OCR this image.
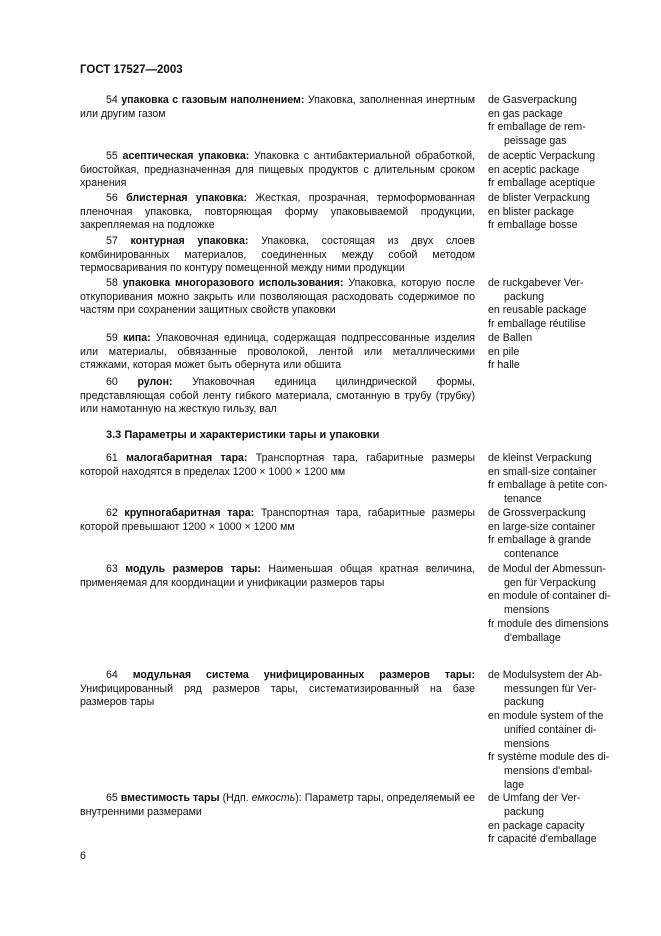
ГОСТ 17527—2003
54 упаковка с газовым наполнением: Упаковка, заполненная инертным или другим газом
de Gasverpackung
en gas package
fr emballage de rem-
peissage gas
55 асептическая упаковка: Упаковка с антибактериальной обработкой, биостойкая, предназначенная для пищевых продуктов с длительным сроком хранения
de aceptic Verpackung
en aceptic package
fr emballage aceptique
56 блистерная упаковка: Жесткая, прозрачная, термоформованная пленочная упаковка, повторяющая форму упаковываемой продукции, закрепляемая на подложке
de blister Verpackung
en blister package
fr emballage bosse
57 контурная упаковка: Упаковка, состоящая из двух слоев комбинированных материалов, соединенных между собой методом термосваривания по контуру помещенной между ними продукции
58 упаковка многоразового использования: Упаковка, которую после откупоривания можно закрыть или позволяющая расходовать содержимое по частям при сохранении защитных свойств упаковки
de ruckgabever Ver-
packung
en reusable package
fr emballage réutilise
59 кипа: Упаковочная единица, содержащая подпрессованные изделия или материалы, обвязанные проволокой, лентой или металлическими стяжками, которая может быть обернута или обшита
de Ballen
en pile
fr halle
60 рулон: Упаковочная единица цилиндрической формы, представляющая собой ленту гибкого материала, смотанную в трубу (трубку) или намотанную на жесткую гильзу, вал
3.3 Параметры и характеристики тары и упаковки
61 малогабаритная тара: Транспортная тара, габаритные размеры которой находятся в пределах 1200 × 1000 × 1200 мм
de kleinst Verpackung
en small-size container
fr emballage à petite con-
tenance
62 крупногабаритная тара: Транспортная тара, габаритные размеры которой превышают 1200 × 1000 × 1200 мм
de Grossverpackung
en large-size container
fr emballage à grande
contenance
63 модуль размеров тары: Наименьшая общая кратная величина, применяемая для координации и унификации размеров тары
de Modul der Abmessun-
gen für Verpackung
en module of container di-
mensions
fr module des dimensions
d'emballage
64 модульная система унифицированных размеров тары: Унифицированный ряд размеров тары, систематизированный на базе размеров тары
de Modulsystem der Ab-
messungen für Ver-
packung
en module system of the
unified container di-
mensions
fr système module des di-
mensions d'embal-
lage
65 вместимость тары (Ндп. емкость): Параметр тары, определяемый ее внутренними размерами
de Umfang der Ver-
packung
en package capacity
fr capacité d'emballage
6
